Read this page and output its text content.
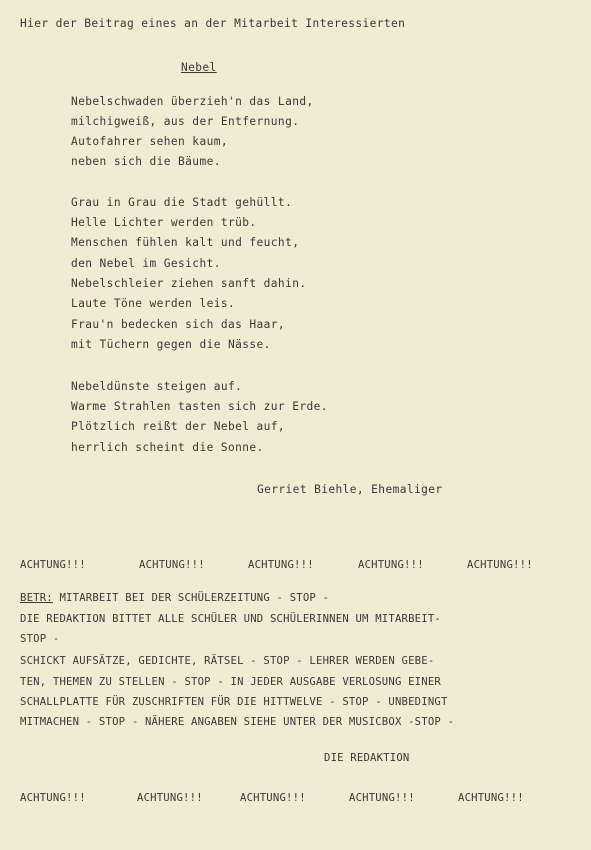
Hier der Beitrag eines an der Mitarbeit Interessierten
Nebel
Nebelschwaden überzieh'n das Land,
milchigweiß, aus der Entfernung.
Autofahrer sehen kaum,
neben sich die Bäume.
Grau in Grau die Stadt gehüllt.
Helle Lichter werden trüb.
Menschen fühlen kalt und feucht,
den Nebel im Gesicht.
Nebelschleier ziehen sanft dahin.
Laute Töne werden leis.
Frau'n bedecken sich das Haar,
mit Tüchern gegen die Nässe.
Nebeldünste steigen auf.
Warme Strahlen tasten sich zur Erde.
Plötzlich reißt der Nebel auf,
herrlich scheint die Sonne.
Gerriet Biehle, Ehemaliger
ACHTUNG!!!	ACHTUNG!!!	ACHTUNG!!!	ACHTUNG!!!	ACHTUNG!!!
BETR: MITARBEIT BEI DER SCHÜLERZEITUNG - STOP -
DIE REDAKTION BITTET ALLE SCHÜLER UND SCHÜLERINNEN UM MITARBEIT-
STOP -
SCHICKT AUFSÄTZE, GEDICHTE, RÄTSEL - STOP - LEHRER WERDEN GEBE-
TEN, THEMEN ZU STELLEN - STOP - IN JEDER AUSGABE VERLOSUNG EINER
SCHALLPLATTE FÜR ZUSCHRIFTEN FÜR DIE HITTWELVE - STOP - UNBEDINGT
MITMACHEN - STOP - NÄHERE ANGABEN SIEHE UNTER DER MUSICBOX -STOP -
DIE REDAKTION
ACHTUNG!!!	ACHTUNG!!!	ACHTUNG!!!	ACHTUNG!!!	ACHTUNG!!!
